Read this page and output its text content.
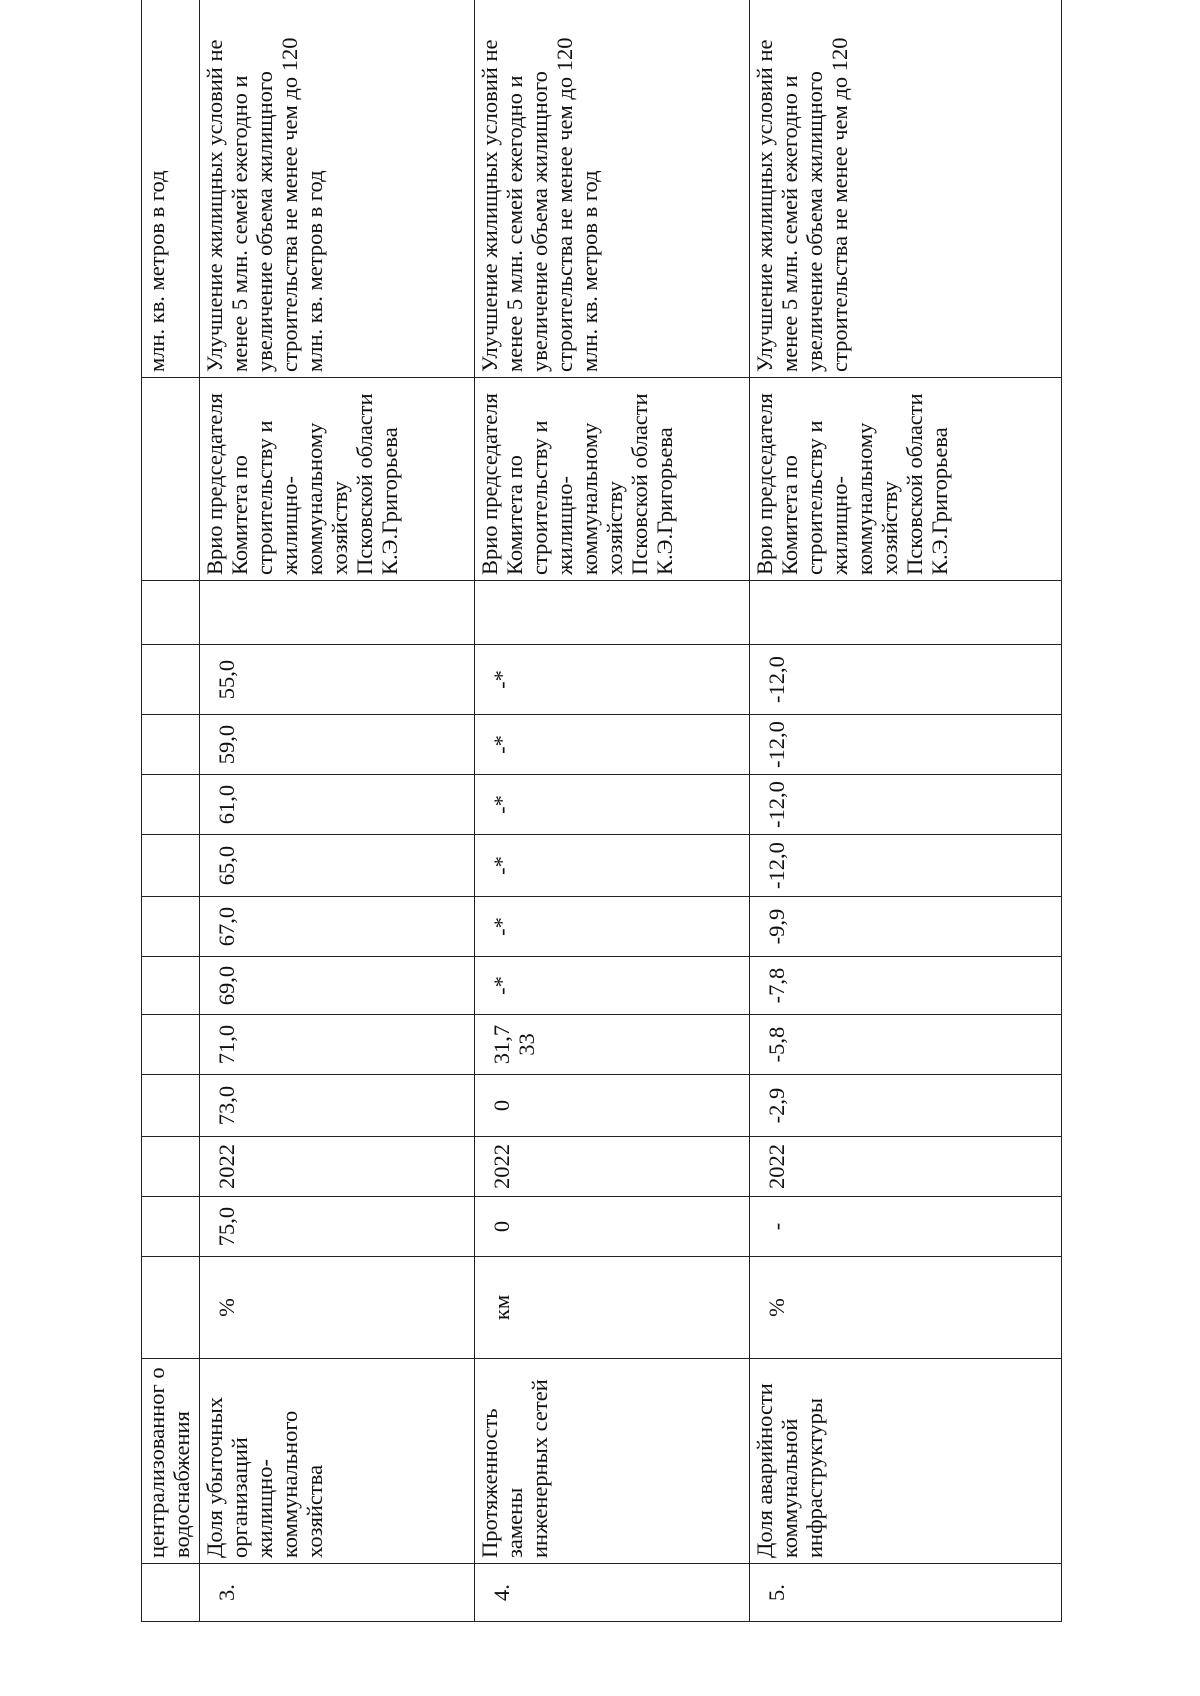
	централизованног о водоснабжения														млн. кв. метров в год

3.	Доля убыточных организаций жилищно-коммунального хозяйства	%	75,0	2022	73,0	71,0	69,0	67,0	65,0	61,0	59,0	55,0		Врио председателя Комитета по строительству и жилищно-коммунальному хозяйству Псковской области К.Э.Григорьева	Улучшение жилищных условий не менее 5 млн. семей ежегодно и увеличение объема жилищного строительства не менее чем до 120 млн. кв. метров в год
4.	Протяженность замены инженерных сетей	км	0	2022	0	31,733	-*	-*	-*	-*	-*	-*		Врио председателя Комитета по строительству и жилищно-коммунальному хозяйству Псковской области К.Э.Григорьева	Улучшение жилищных условий не менее 5 млн. семей ежегодно и увеличение объема жилищного строительства не менее чем до 120 млн. кв. метров в год
5.	Доля аварийности коммунальной инфраструктуры	%	-	2022	-2,9	-5,8	-7,8	-9,9	-12,0	-12,0	-12,0	-12,0		Врио председателя Комитета по строительству и жилищно-коммунальному хозяйству Псковской области К.Э.Григорьева	Улучшение жилищных условий не менее 5 млн. семей ежегодно и увеличение объема жилищного строительства не менее чем до 120
